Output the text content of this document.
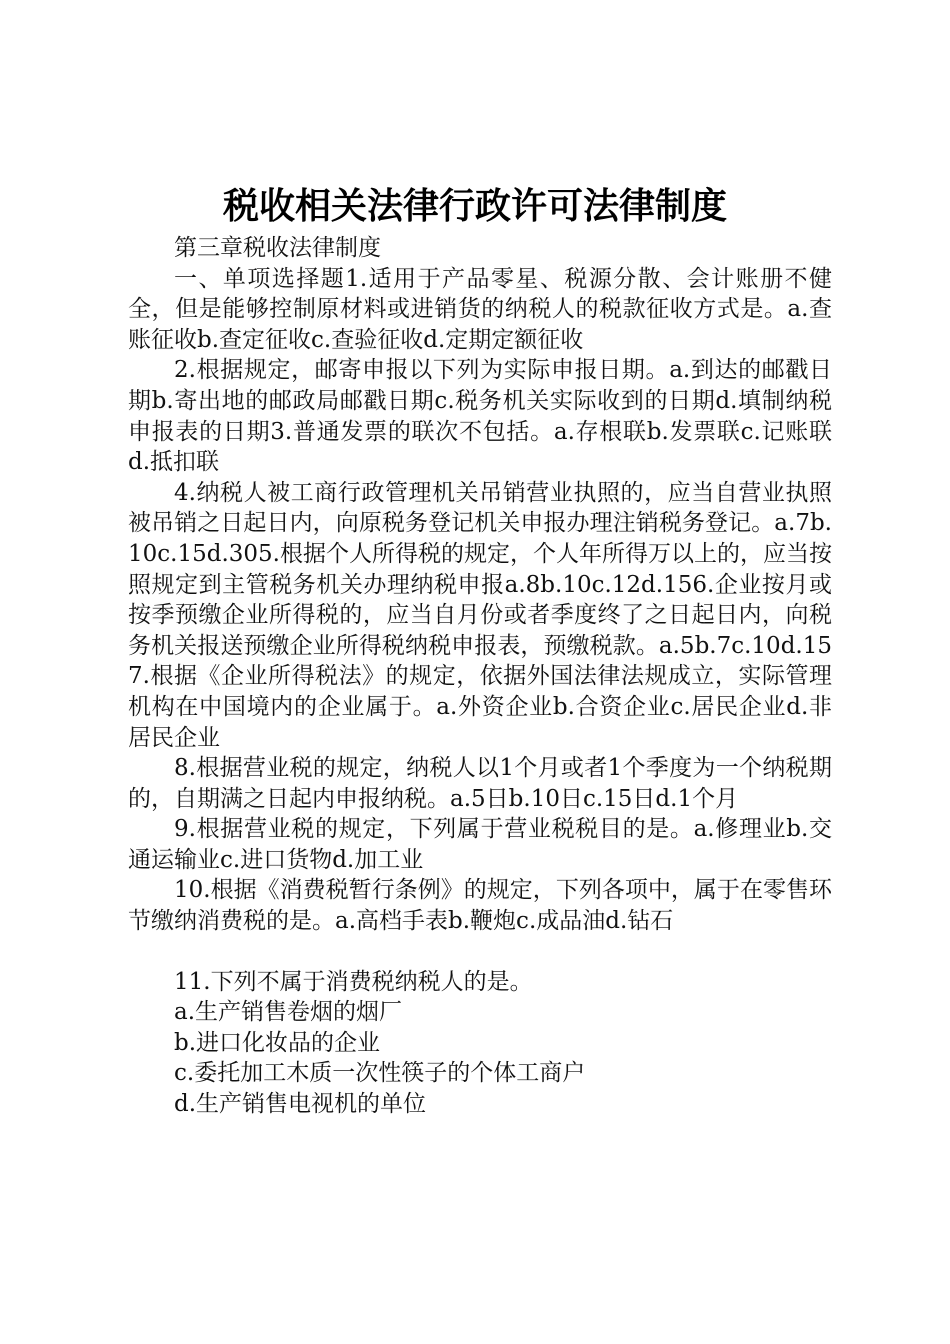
税收相关法律行政许可法律制度

第三章税收法律制度

一、单项选择题1.适用于产品零星、税源分散、会计账册不健全，但是能够控制原材料或进销货的纳税人的税款征收方式是。a.查账征收b.查定征收c.查验征收d.定期定额征收

2.根据规定，邮寄申报以下列为实际申报日期。a.到达的邮戳日期b.寄出地的邮政局邮戳日期c.税务机关实际收到的日期d.填制纳税申报表的日期3.普通发票的联次不包括。a.存根联b.发票联c.记账联d.抵扣联

4.纳税人被工商行政管理机关吊销营业执照的，应当自营业执照被吊销之日起日内，向原税务登记机关申报办理注销税务登记。a.7b.10c.15d.305.根据个人所得税的规定，个人年所得万以上的，应当按照规定到主管税务机关办理纳税申报a.8b.10c.12d.156.企业按月或按季预缴企业所得税的，应当自月份或者季度终了之日起日内，向税务机关报送预缴企业所得税纳税申报表，预缴税款。a.5b.7c.10d.157.根据《企业所得税法》的规定，依据外国法律法规成立，实际管理机构在中国境内的企业属于。a.外资企业b.合资企业c.居民企业d.非居民企业

8.根据营业税的规定，纳税人以1个月或者1个季度为一个纳税期的，自期满之日起内申报纳税。a.5日b.10日c.15日d.1个月

9.根据营业税的规定，下列属于营业税税目的是。a.修理业b.交通运输业c.进口货物d.加工业

10.根据《消费税暂行条例》的规定，下列各项中，属于在零售环节缴纳消费税的是。a.高档手表b.鞭炮c.成品油d.钻石

11.下列不属于消费税纳税人的是。

a.生产销售卷烟的烟厂

b.进口化妆品的企业

c.委托加工木质一次性筷子的个体工商户

d.生产销售电视机的单位
